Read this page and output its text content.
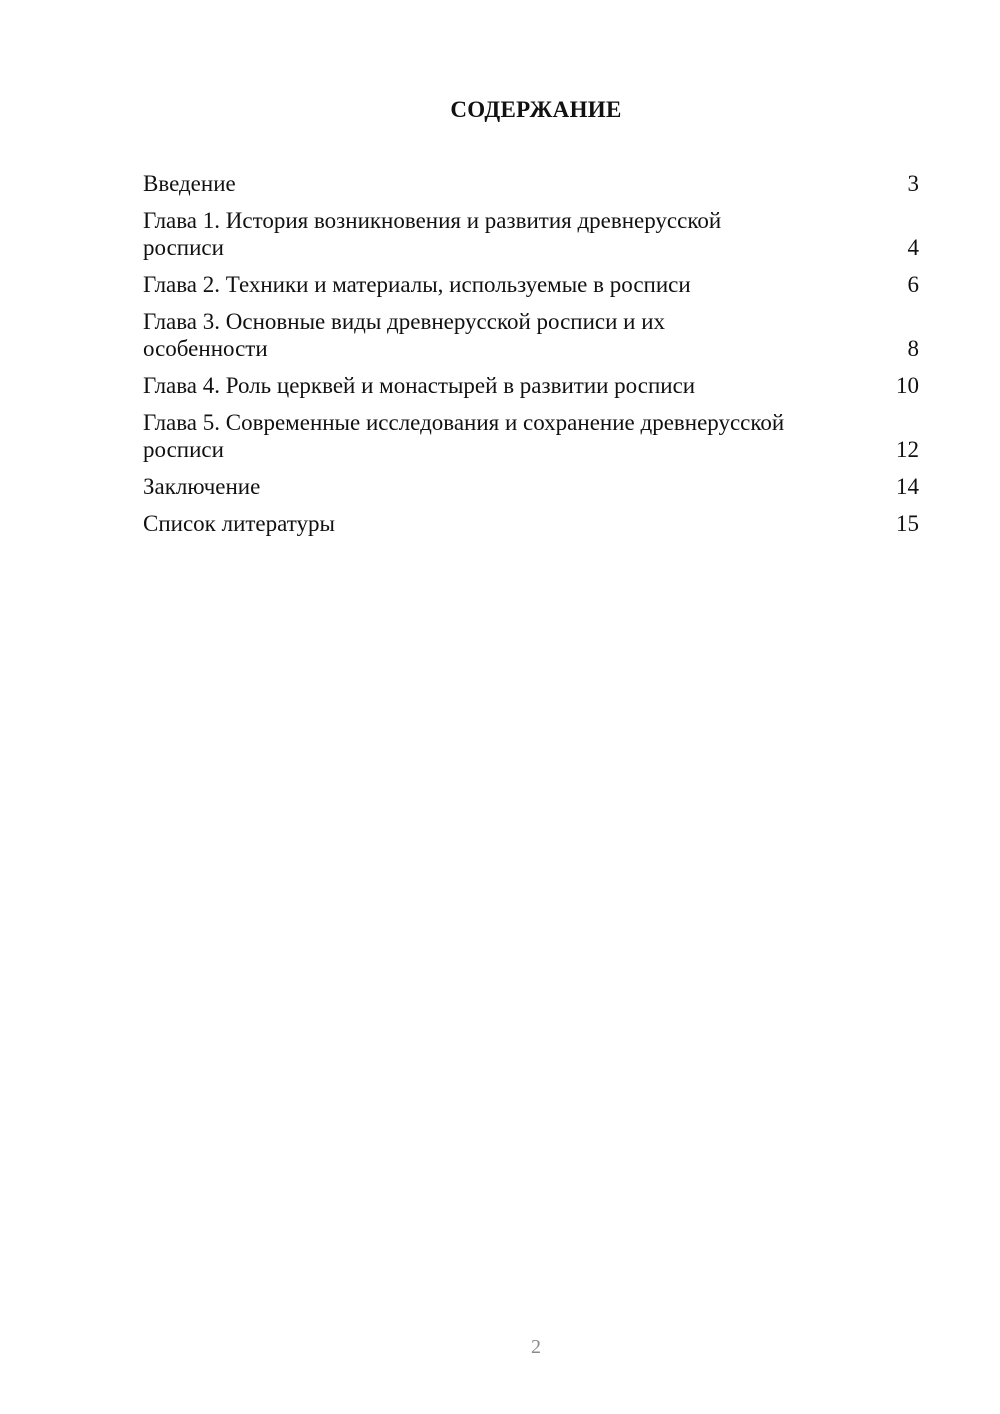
СОДЕРЖАНИЕ
Введение	3
Глава 1. История возникновения и развития древнерусской росписи	4
Глава 2. Техники и материалы, используемые в росписи	6
Глава 3. Основные виды древнерусской росписи и их особенности	8
Глава 4. Роль церквей и монастырей в развитии росписи	10
Глава 5. Современные исследования и сохранение древнерусской росписи	12
Заключение	14
Список литературы	15
2
